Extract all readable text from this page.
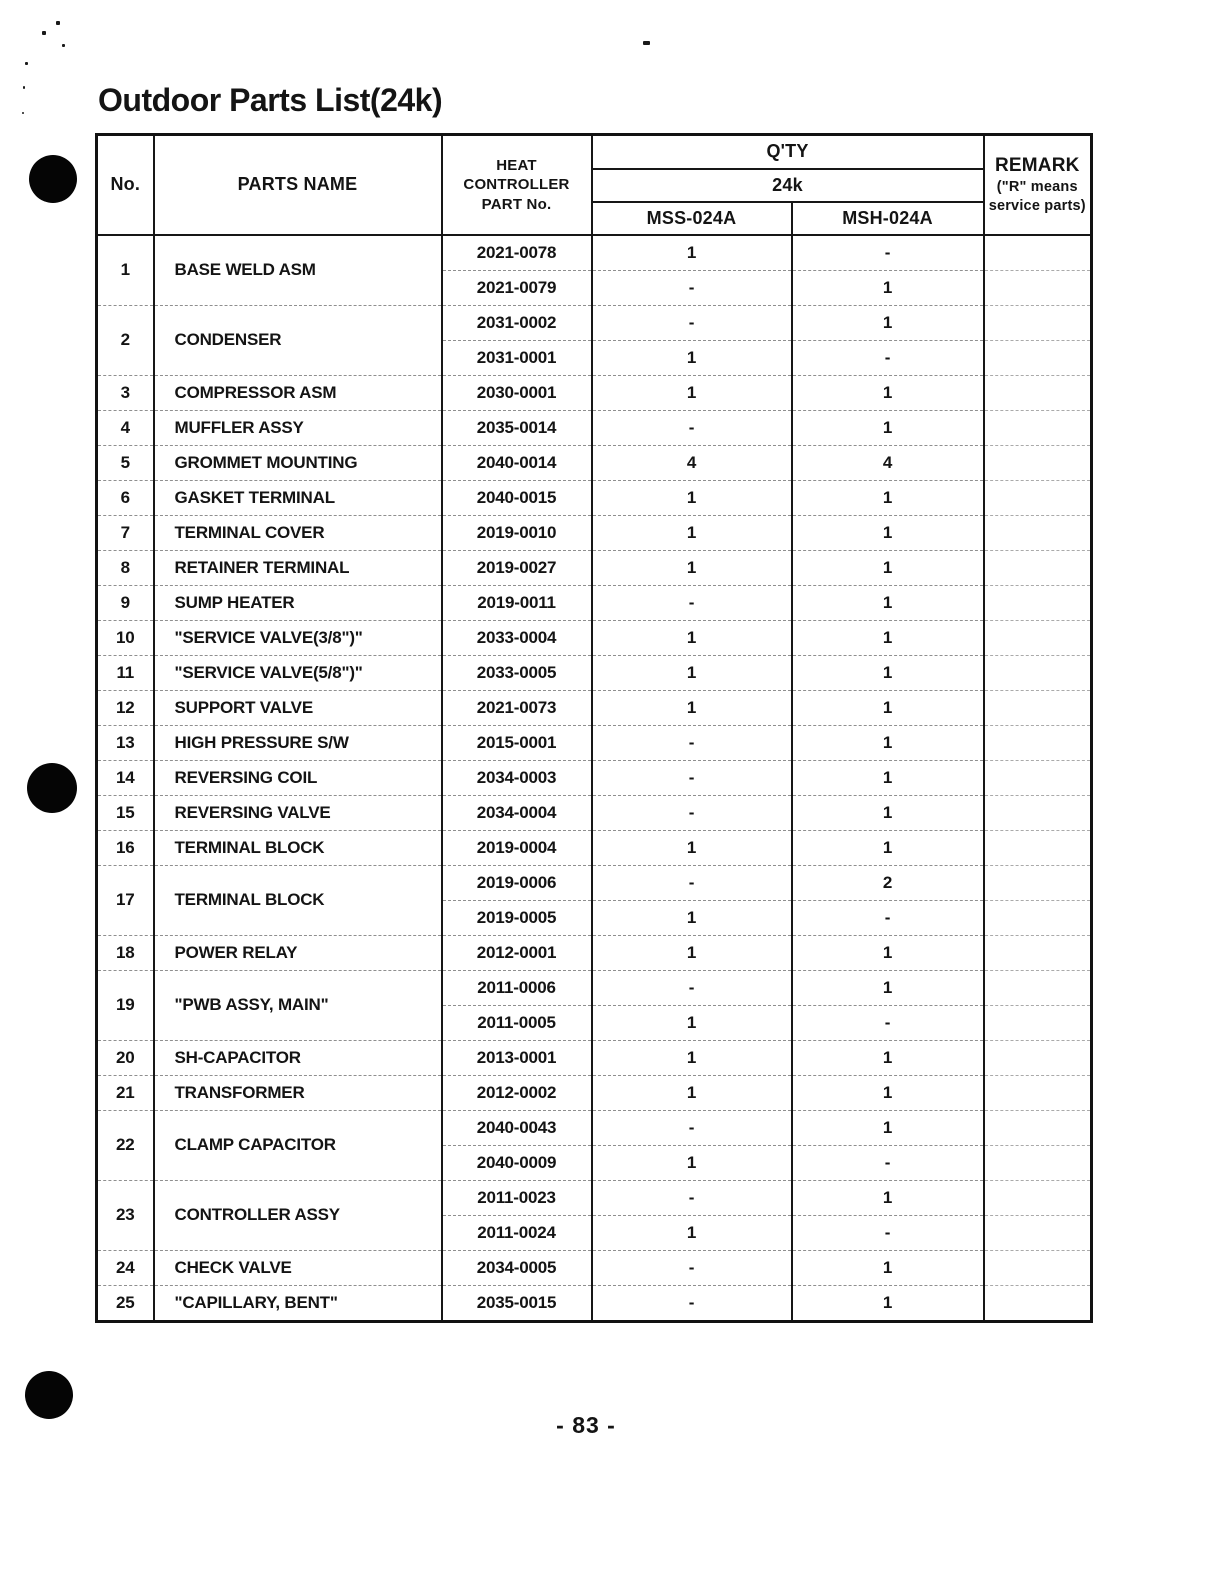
Outdoor Parts List(24k)
No.	PARTS NAME	HEAT
CONTROLLER
PART No.	Q'TY		REMARK
("R" means
service parts)
			24k		
			MSS-024A	MSH-024A	
1	BASE WELD ASM	2021-0078	1	-	
		2021-0079	-	1	
2	CONDENSER	2031-0002	-	1	
		2031-0001	1	-	
3	COMPRESSOR ASM	2030-0001	1	1	
4	MUFFLER ASSY	2035-0014	-	1	
5	GROMMET MOUNTING	2040-0014	4	4	
6	GASKET TERMINAL	2040-0015	1	1	
7	TERMINAL COVER	2019-0010	1	1	
8	RETAINER TERMINAL	2019-0027	1	1	
9	SUMP HEATER	2019-0011	-	1	
10	"SERVICE VALVE(3/8")"	2033-0004	1	1	
11	"SERVICE VALVE(5/8")"	2033-0005	1	1	
12	SUPPORT VALVE	2021-0073	1	1	
13	HIGH PRESSURE S/W	2015-0001	-	1	
14	REVERSING COIL	2034-0003	-	1	
15	REVERSING VALVE	2034-0004	-	1	
16	TERMINAL BLOCK	2019-0004	1	1	
17	TERMINAL BLOCK	2019-0006	-	2	
		2019-0005	1	-	
18	POWER RELAY	2012-0001	1	1	
19	"PWB ASSY, MAIN"	2011-0006	-	1	
		2011-0005	1	-	
20	SH-CAPACITOR	2013-0001	1	1	
21	TRANSFORMER	2012-0002	1	1	
22	CLAMP CAPACITOR	2040-0043	-	1	
		2040-0009	1	-	
23	CONTROLLER ASSY	2011-0023	-	1	
		2011-0024	1	-	
24	CHECK VALVE	2034-0005	-	1	
25	"CAPILLARY, BENT"	2035-0015	-	1	
- 83 -
